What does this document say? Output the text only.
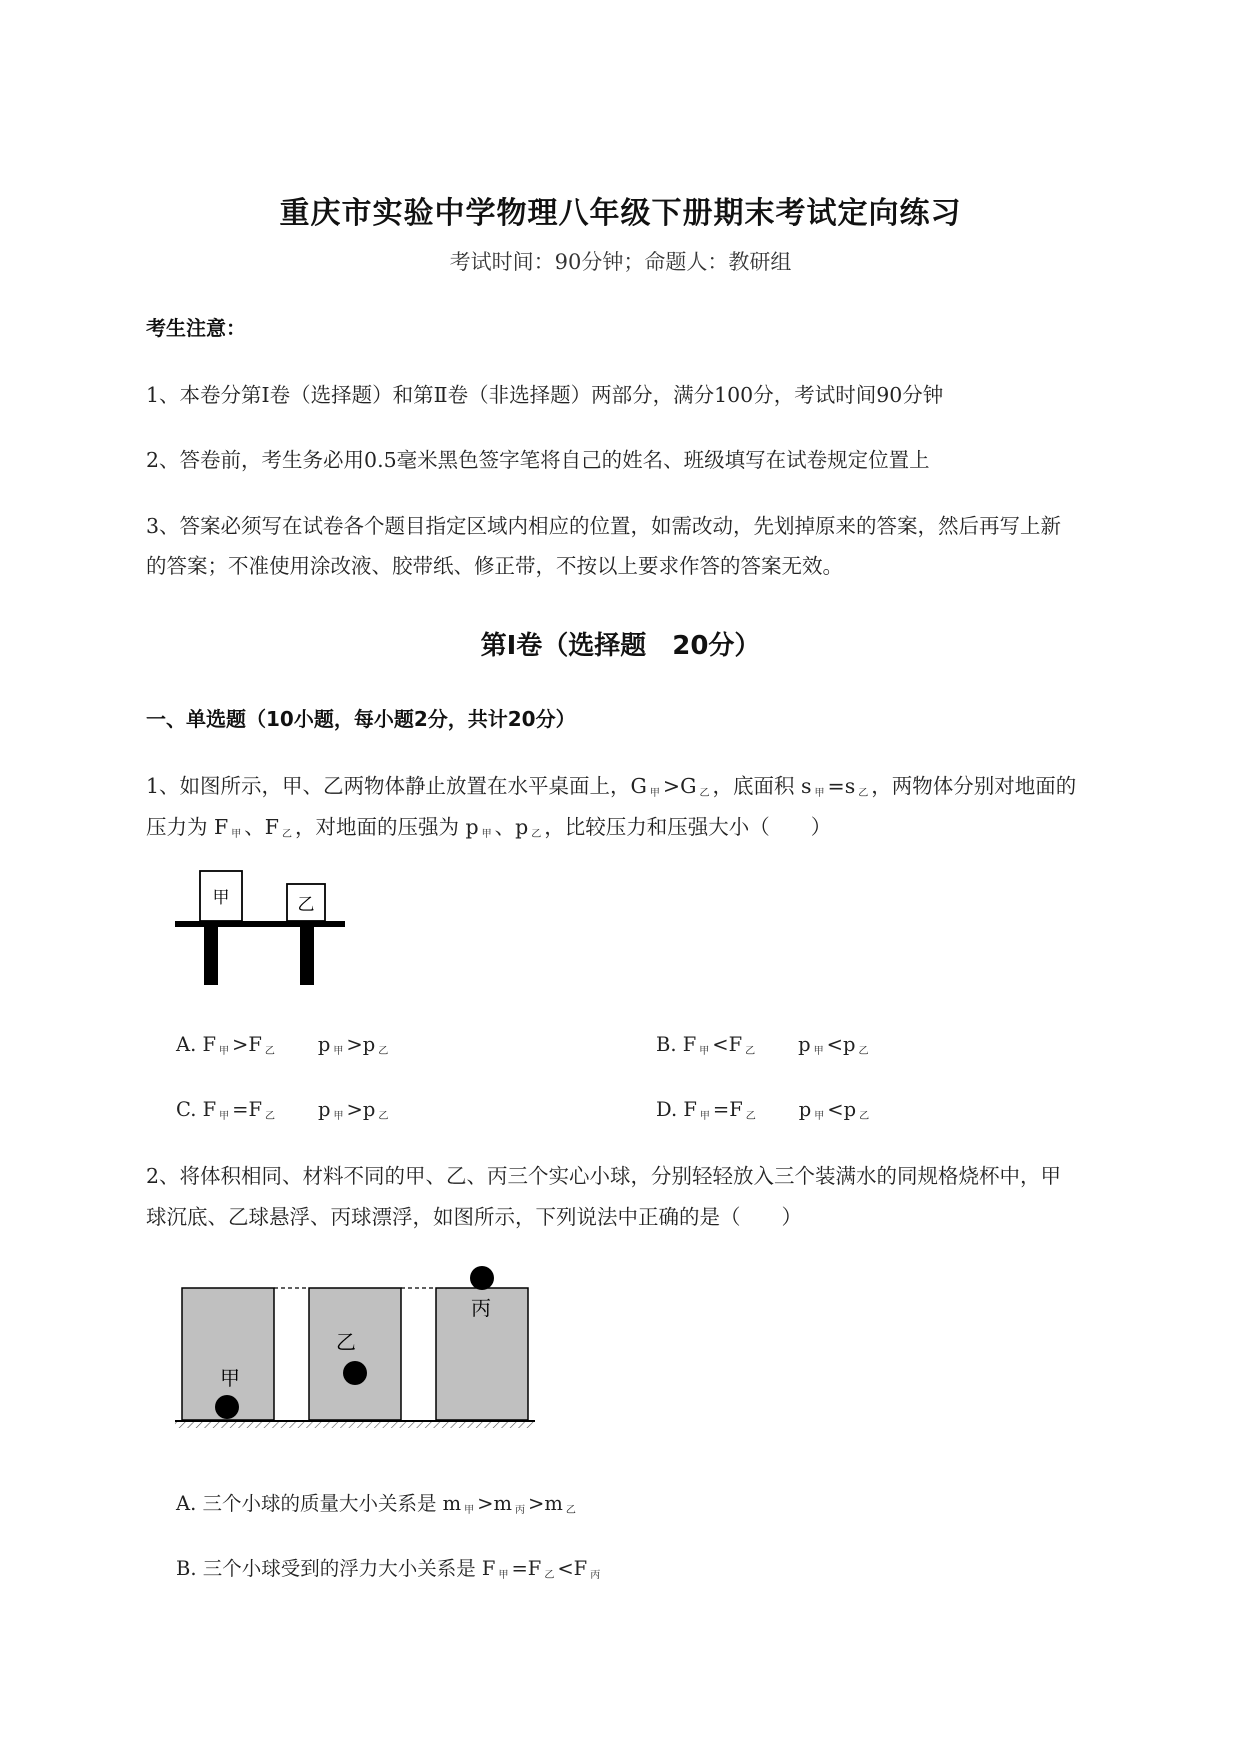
重庆市实验中学物理八年级下册期末考试定向练习
考试时间：90分钟；命题人：教研组
考生注意：
1、本卷分第Ⅰ卷（选择题）和第Ⅱ卷（非选择题）两部分，满分100分，考试时间90分钟
2、答卷前，考生务必用0.5毫米黑色签字笔将自己的姓名、班级填写在试卷规定位置上
3、答案必须写在试卷各个题目指定区域内相应的位置，如需改动，先划掉原来的答案，然后再写上新
的答案；不准使用涂改液、胶带纸、修正带，不按以上要求作答的答案无效。
第Ⅰ卷（选择题　20分）
一、单选题（10小题，每小题2分，共计20分）
1、如图所示，甲、乙两物体静止放置在水平桌面上，G $_甲$ >G $_乙$ ，底面积 s $_甲$ =s $_乙$ ，两物体分别对地面的
压力为 F $_甲$ 、F $_乙$ ，对地面的压强为 p $_甲$ 、p $_乙$ ，比较压力和压强大小（　　）
甲	乙
A. F $_甲$ >F $_乙$ p $_甲$ >p $_乙$	B. F $_甲$ <F $_乙$ p $_甲$ <p $_乙$
C. F $_甲$ =F $_乙$ p $_甲$ >p $_乙$	D. F $_甲$ =F $_乙$ p $_甲$ <p $_乙$
2、将体积相同、材料不同的甲、乙、丙三个实心小球，分别轻轻放入三个装满水的同规格烧杯中，甲
球沉底、乙球悬浮、丙球漂浮，如图所示，下列说法中正确的是（　　）
甲
乙
丙
A. 三个小球的质量大小关系是 m $_甲$ >m $_丙$ >m $_乙$
B. 三个小球受到的浮力大小关系是 F $_甲$ =F $_乙$ <F $_丙$
